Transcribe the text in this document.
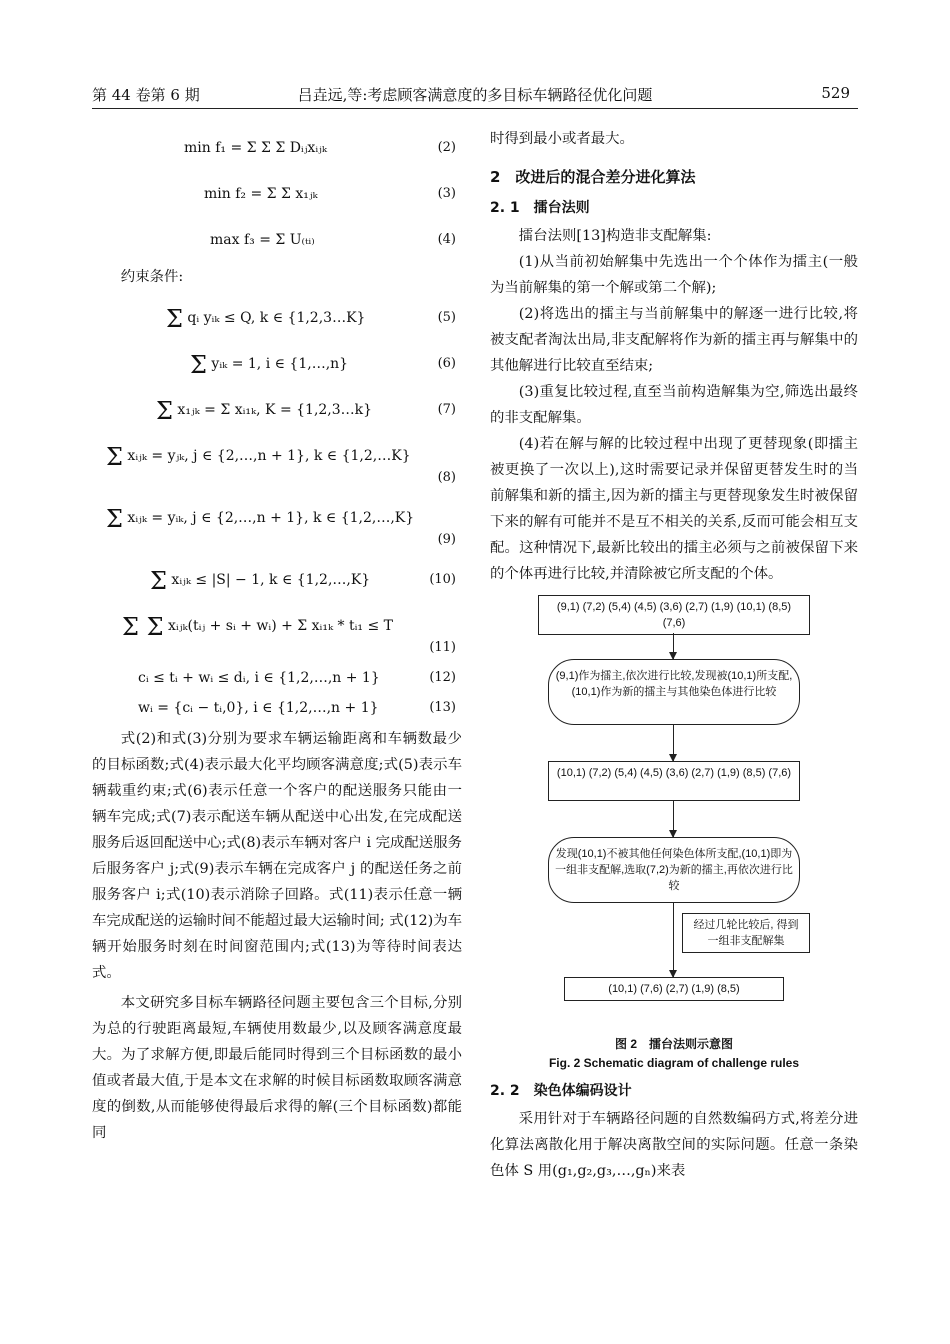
第 44 卷第 6 期	吕垚远,等:考虑顾客满意度的多目标车辆路径优化问题	529
min f₁ = Σ Σ Σ Dᵢⱼxᵢⱼₖ	(2)
min f₂ = Σ Σ x₁ⱼₖ	(3)
max f₃ = Σ U₍ₜᵢ₎	(4)

约束条件:

Σ qᵢ yᵢₖ ≤ Q, k ∈ {1,2,3…K}	(5)
Σ yᵢₖ = 1, i ∈ {1,…,n}	(6)
Σ x₁ⱼₖ = Σ xᵢ₁ₖ, K = {1,2,3…k}	(7)
Σ xᵢⱼₖ = yⱼₖ, j ∈ {2,…,n + 1}, k ∈ {1,2,…K}
(8)
Σ xᵢⱼₖ = yᵢₖ, j ∈ {2,…,n + 1}, k ∈ {1,2,…,K}
(9)
Σ xᵢⱼₖ ≤ |S| − 1, k ∈ {1,2,…,K}	(10)
Σ Σ xᵢⱼₖ(tᵢⱼ + sᵢ + wᵢ) + Σ xᵢ₁ₖ * tᵢ₁ ≤ T
(11)
cᵢ ≤ tᵢ + wᵢ ≤ dᵢ, i ∈ {1,2,…,n + 1}	(12)
wᵢ = {cᵢ − tᵢ,0}, i ∈ {1,2,…,n + 1}	(13)

式(2)和式(3)分别为要求车辆运输距离和车辆数最少的目标函数;式(4)表示最大化平均顾客满意度;式(5)表示车辆载重约束;式(6)表示任意一个客户的配送服务只能由一辆车完成;式(7)表示配送车辆从配送中心出发,在完成配送服务后返回配送中心;式(8)表示车辆对客户 i 完成配送服务后服务客户 j;式(9)表示车辆在完成客户 j 的配送任务之前服务客户 i;式(10)表示消除子回路。式(11)表示任意一辆车完成配送的运输时间不能超过最大运输时间; 式(12)为车辆开始服务时刻在时间窗范围内;式(13)为等待时间表达式。

本文研究多目标车辆路径问题主要包含三个目标,分别为总的行驶距离最短,车辆使用数最少,以及顾客满意度最大。为了求解方便,即最后能同时得到三个目标函数的最小值或者最大值,于是本文在求解的时候目标函数取顾客满意度的倒数,从而能够使得最后求得的解(三个目标函数)都能同

时得到最小或者最大。

2　改进后的混合差分进化算法
2. 1　擂台法则

擂台法则[13]构造非支配解集:

(1)从当前初始解集中先选出一个个体作为擂主(一般为当前解集的第一个解或第二个解);

(2)将选出的擂主与当前解集中的解逐一进行比较,将被支配者淘汰出局,非支配解将作为新的擂主再与解集中的其他解进行比较直至结束;

(3)重复比较过程,直至当前构造解集为空,筛选出最终的非支配解集。

(4)若在解与解的比较过程中出现了更替现象(即擂主被更换了一次以上),这时需要记录并保留更替发生时的当前解集和新的擂主,因为新的擂主与更替现象发生时被保留下来的解有可能并不是互不相关的关系,反而可能会相互支配。这种情况下,最新比较出的擂主必须与之前被保留下来的个体再进行比较,并清除被它所支配的个体。

(9,1) (7,2) (5,4) (4,5) (3,6) (2,7) (1,9) (10,1) (8,5) (7,6)
(9,1)作为擂主,依次进行比较,发现被(10,1)所支配,(10,1)作为新的擂主与其他染色体进行比较
(10,1) (7,2) (5,4) (4,5) (3,6) (2,7) (1,9) (8,5) (7,6)
发现(10,1)不被其他任何染色体所支配,(10,1)即为一组非支配解,选取(7,2)为新的擂主,再依次进行比较
经过几轮比较后, 得到一组非支配解集
(10,1) (7,6) (2,7) (1,9) (8,5)
图 2　擂台法则示意图
Fig. 2 Schematic diagram of challenge rules
2. 2　染色体编码设计

采用针对于车辆路径问题的自然数编码方式,将差分进化算法离散化用于解决离散空间的实际问题。任意一条染色体 S 用(g₁,g₂,g₃,…,gₙ)来表
